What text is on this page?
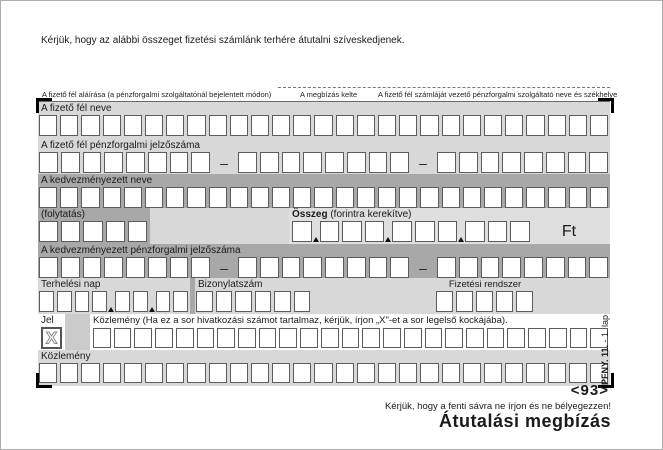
Kérjük, hogy az alábbi összeget fizetési számlánk terhére átutalni szíveskedjenek.
A fizető fél aláírása (a pénzforgalmi szolgáltatónál bejelentett módon)	A megbízás kelte	A fizető fél számláját vezető pénzforgalmi szolgáltató neve és székhelye
A fizető fél neve
A fizető fél pénzforgalmi jelzőszáma
–	–
A kedvezményezett neve
(folytatás)	Összeg (forintra kerekítve)
Ft
A kedvezményezett pénzforgalmi jelzőszáma
–	–
Terhelési nap	Bizonylatszám	Fizetési rendszer
Jel
X
Közlemény (Ha ez a sor hivatkozási számot tartalmaz, kérjük, írjon „X"-et a sor legelső kockájába).
Közlemény	PFNY. 11. - 1. lap
<93>
Kérjük, hogy a fenti sávra ne írjon és ne bélyegezzen!
Átutalási megbízás
